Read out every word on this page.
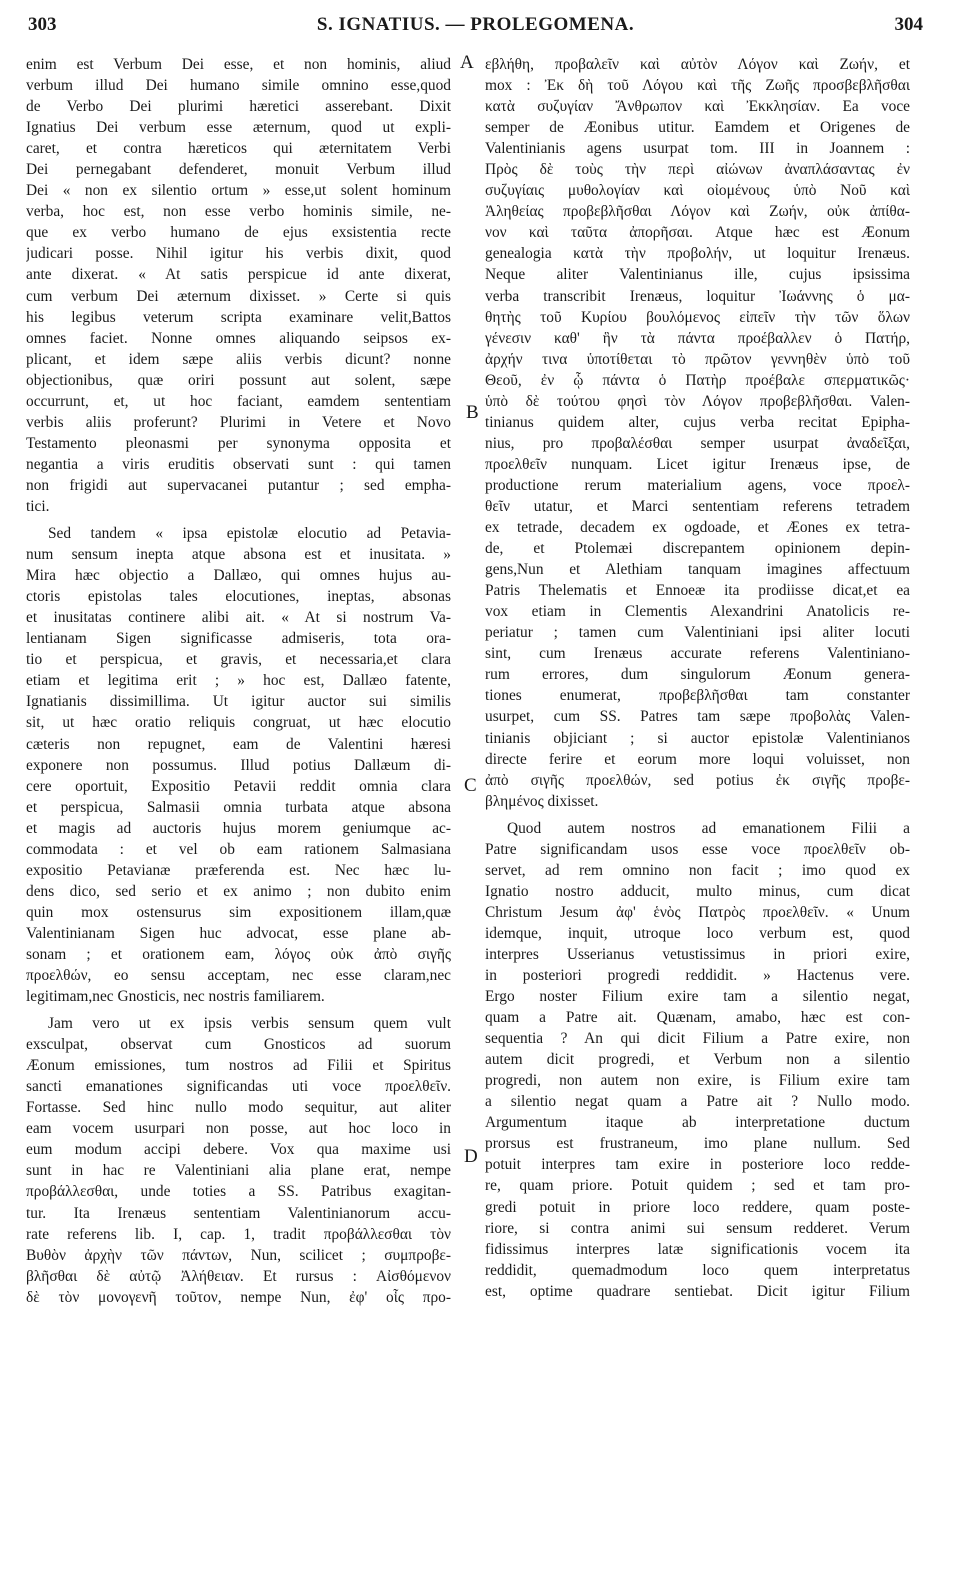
303	S. IGNATIUS. — PROLEGOMENA.	304
A
B
C
D
enim est Verbum Dei esse, et non hominis, aliud
verbum illud Dei humano simile omnino esse,quod
de Verbo Dei plurimi hæretici asserebant. Dixit
Ignatius Dei verbum esse æternum, quod ut expli-
caret, et contra hæreticos qui æternitatem Verbi
Dei pernegabant defenderet, monuit Verbum illud
Dei « non ex silentio ortum » esse,ut solent hominum
verba, hoc est, non esse verbo hominis simile, ne-
que ex verbo humano de ejus exsistentia recte
judicari posse. Nihil igitur his verbis dixit, quod
ante dixerat. « At satis perspicue id ante dixerat,
cum verbum Dei æternum dixisset. » Certe si quis
his legibus veterum scripta examinare velit,Battos
omnes faciet. Nonne omnes aliquando seipsos ex-
plicant, et idem sæpe aliis verbis dicunt? nonne
objectionibus, quæ oriri possunt aut solent, sæpe
occurrunt, et, ut hoc faciant, eamdem sententiam
verbis aliis proferunt? Plurimi in Vetere et Novo
Testamento pleonasmi per synonyma opposita et
negantia a viris eruditis observati sunt : qui tamen
non frigidi aut supervacanei putantur ; sed empha-
tici.
Sed tandem « ipsa epistolæ elocutio ad Petavia-
num sensum inepta atque absona est et inusitata. »
Mira hæc objectio a Dallæo, qui omnes hujus au-
ctoris epistolas tales elocutiones, ineptas, absonas
et inusitatas continere alibi ait. « At si nostrum Va-
lentianam Sigen significasse admiseris, tota ora-
tio et perspicua, et gravis, et necessaria,et clara
etiam et legitima erit ; » hoc est, Dallæo fatente,
Ignatianis dissimillima. Ut igitur auctor sui similis
sit, ut hæc oratio reliquis congruat, ut hæc elocutio
cæteris non repugnet, eam de Valentini hæresi
exponere non possumus. Illud potius Dallæum di-
cere oportuit, Expositio Petavii reddit omnia clara
et perspicua, Salmasii omnia turbata atque absona
et magis ad auctoris hujus morem geniumque ac-
commodata : et vel ob eam rationem Salmasiana
expositio Petavianæ præferenda est. Nec hæc lu-
dens dico, sed serio et ex animo ; non dubito enim
quin mox ostensurus sim expositionem illam,quæ
Valentinianam Sigen huc advocat, esse plane ab-
sonam ; et orationem eam, λόγος οὐκ ἀπὸ σιγῆς
προελθών, eo sensu acceptam, nec esse claram,nec
legitimam,nec Gnosticis, nec nostris familiarem.
Jam vero ut ex ipsis verbis sensum quem vult
exsculpat, observat cum Gnosticos ad suorum
Æonum emissiones, tum nostros ad Filii et Spiritus
sancti emanationes significandas uti voce προελθεῖν.
Fortasse. Sed hinc nullo modo sequitur, aut aliter
eam vocem usurpari non posse, aut hoc loco in
eum modum accipi debere. Vox qua maxime usi
sunt in hac re Valentiniani alia plane erat, nempe
προβάλλεσθαι, unde toties a SS. Patribus exagitan-
tur. Ita Irenæus sententiam Valentinianorum accu-
rate referens lib. I, cap. 1, tradit προβάλλεσθαι τὸν
Βυθὸν ἀρχὴν τῶν πάντων, Nun, scilicet ; συμπροβε-
βλῆσθαι δὲ αὐτῷ Ἀλήθειαν. Et rursus : Αἰσθόμενον
δὲ τὸν μονογενῆ τοῦτον, nempe Nun, ἐφ' οἷς προ-
εβλήθη, προβαλεῖν καὶ αὐτὸν Λόγον καὶ Ζωήν, et
mox : Ἐκ δὴ τοῦ Λόγου καὶ τῆς Ζωῆς προσβεβλῆσθαι
κατὰ συζυγίαν Ἄνθρωπον καὶ Ἐκκλησίαν. Ea voce
semper de Æonibus utitur. Eamdem et Origenes de
Valentinianis agens usurpat tom. III in Joannem :
Πρὸς δὲ τοὺς τὴν περὶ αἰώνων ἀναπλάσαντας ἐν
συζυγίαις μυθολογίαν καὶ οἰομένους ὑπὸ Νοῦ καὶ
Ἀληθείας προβεβλῆσθαι Λόγον καὶ Ζωήν, οὐκ ἀπίθα-
νον καὶ ταῦτα ἀπορῆσαι. Atque hæc est Æonum
genealogia κατὰ τὴν προβολήν, ut loquitur Irenæus.
Neque aliter Valentinianus ille, cujus ipsissima
verba transcribit Irenæus, loquitur Ἰωάννης ὁ μα-
θητὴς τοῦ Κυρίου βουλόμενος εἰπεῖν τὴν τῶν ὅλων
γένεσιν καθ' ἣν τὰ πάντα προέβαλλεν ὁ Πατήρ,
ἀρχήν τινα ὑποτίθεται τὸ πρῶτον γεννηθὲν ὑπὸ τοῦ
Θεοῦ, ἐν ᾧ πάντα ὁ Πατὴρ προέβαλε σπερματικῶς·
ὑπὸ δὲ τούτου φησὶ τὸν Λόγον προβεβλῆσθαι. Valen-
tinianus quidem alter, cujus verba recitat Epipha-
nius, pro προβαλέσθαι semper usurpat ἀναδεῖξαι,
προελθεῖν nunquam. Licet igitur Irenæus ipse, de
productione rerum materialium agens, voce προελ-
θεῖν utatur, et Marci sententiam referens tetradem
ex tetrade, decadem ex ogdoade, et Æones ex tetra-
de, et Ptolemæi discrepantem opinionem depin-
gens,Nun et Alethiam tanquam imagines affectuum
Patris Thelematis et Ennoeæ ita prodiisse dicat,et ea
vox etiam in Clementis Alexandrini Anatolicis re-
periatur ; tamen cum Valentiniani ipsi aliter locuti
sint, cum Irenæus accurate referens Valentiniano-
rum errores, dum singulorum Æonum genera-
tiones enumerat, προβεβλῆσθαι tam constanter
usurpet, cum SS. Patres tam sæpe προβολὰς Valen-
tinianis objiciant ; si auctor epistolæ Valentinianos
directe ferire et eorum more loqui voluisset, non
ἀπὸ σιγῆς προελθών, sed potius ἐκ σιγῆς προβε-
βλημένος dixisset.
Quod autem nostros ad emanationem Filii a
Patre significandam usos esse voce προελθεῖν ob-
servet, ad rem omnino non facit ; imo quod ex
Ignatio nostro adducit, multo minus, cum dicat
Christum Jesum ἀφ' ἑνὸς Πατρὸς προελθεῖν. « Unum
idemque, inquit, utroque loco verbum est, quod
interpres Usserianus vetustissimus in priori exire,
in posteriori progredi reddidit. » Hactenus vere.
Ergo noster Filium exire tam a silentio negat,
quam a Patre ait. Quænam, amabo, hæc est con-
sequentia ? An qui dicit Filium a Patre exire, non
autem dicit progredi, et Verbum non a silentio
progredi, non autem non exire, is Filium exire tam
a silentio negat quam a Patre ait ? Nullo modo.
Argumentum itaque ab interpretatione ductum
prorsus est frustraneum, imo plane nullum. Sed
potuit interpres tam exire in posteriore loco redde-
re, quam priore. Potuit quidem ; sed et tam pro-
gredi potuit in priore loco reddere, quam poste-
riore, si contra animi sui sensum redderet. Verum
fidissimus interpres latæ significationis vocem ita
reddidit, quemadmodum loco quem interpretatus
est, optime quadrare sentiebat. Dicit igitur Filium
